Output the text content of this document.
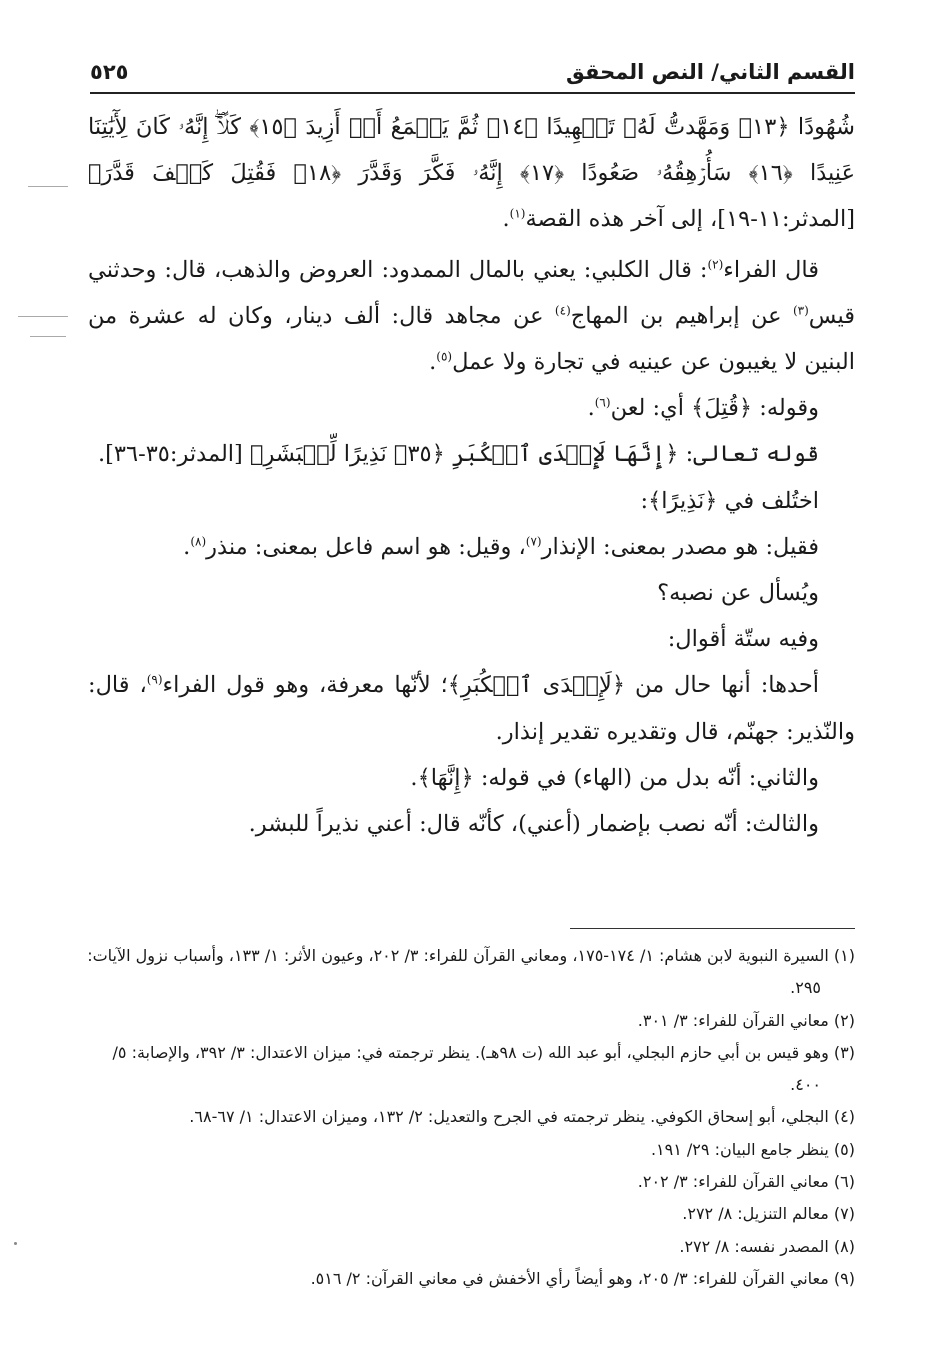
القسم الثاني/ النص المحقق
٥٢٥

شُهُودًا ﴿١٣﴾ وَمَهَّدتُّ لَهُۥ تَمۡهِيدًا ﴿١٤﴾ ثُمَّ يَطۡمَعُ أَنۡ أَزِيدَ ﴿١٥﴾ كَلَّآۖ إِنَّهُۥ كَانَ لِأٓيَٰتِنَا عَنِيدًا ﴿١٦﴾ سَأُرۡهِقُهُۥ صَعُودًا ﴿١٧﴾ إِنَّهُۥ فَكَّرَ وَقَدَّرَ ﴿١٨﴾ فَقُتِلَ كَيۡفَ قَدَّرَ﴾ [المدثر:١١-١٩]، إلى آخر هذه القصة$^{(١)}$.

قال الفراء$^{(٢)}$: قال الكلبي: يعني بالمال الممدود: العروض والذهب، قال: وحدثني قيس$^{(٣)}$ عن إبراهيم بن المهاج$^{(٤)}$ عن مجاهد قال: ألف دينار، وكان له عشرة من البنين لا يغيبون عن عينيه في تجارة ولا عمل$^{(٥)}$.

وقوله: ﴿قُتِلَ﴾ أي: لعن$^{(٦)}$.

قوله تعالى: ﴿إِنَّهَا لَإِحۡدَى ٱلۡكُبَرِ ﴿٣٥﴾ نَذِيرًا لِّلۡبَشَرِ﴾ [المدثر:٣٥-٣٦].

اختُلف في ﴿نَذِيرًا﴾:

فقيل: هو مصدر بمعنى: الإنذار$^{(٧)}$، وقيل: هو اسم فاعل بمعنى: منذر$^{(٨)}$.

ويُسأل عن نصبه؟

وفيه ستّة أقوال:

أحدها: أنها حال من ﴿لَإِحۡدَى ٱلۡكُبَرِ﴾؛ لأنّها معرفة، وهو قول الفراء$^{(٩)}$، قال: والنّذير: جهنّم، قال وتقديره تقدير إنذار.

والثاني: أنّه بدل من (الهاء) في قوله: ﴿إِنَّهَا﴾.

والثالث: أنّه نصب بإضمار (أعني)، كأنّه قال: أعني نذيراً للبشر.

(١) السيرة النبوية لابن هشام: ١/ ١٧٤-١٧٥، ومعاني القرآن للفراء: ٣/ ٢٠٢، وعيون الأثر: ١/ ١٣٣، وأسباب نزول الآيات: ٢٩٥.

(٢) معاني القرآن للفراء: ٣/ ٣٠١.

(٣) وهو قيس بن أبي حازم البجلي، أبو عبد الله (ت ٩٨هـ). ينظر ترجمته في: ميزان الاعتدال: ٣/ ٣٩٢، والإصابة: ٥/ ٤٠٠.

(٤) البجلي، أبو إسحاق الكوفي. ينظر ترجمته في الجرح والتعديل: ٢/ ١٣٢، وميزان الاعتدال: ١/ ٦٧-٦٨.

(٥) ينظر جامع البيان: ٢٩/ ١٩١.

(٦) معاني القرآن للفراء: ٣/ ٢٠٢.

(٧) معالم التنزيل: ٨/ ٢٧٢.

(٨) المصدر نفسه: ٨/ ٢٧٢.

(٩) معاني القرآن للفراء: ٣/ ٢٠٥، وهو أيضاً رأي الأخفش في معاني القرآن: ٢/ ٥١٦.
